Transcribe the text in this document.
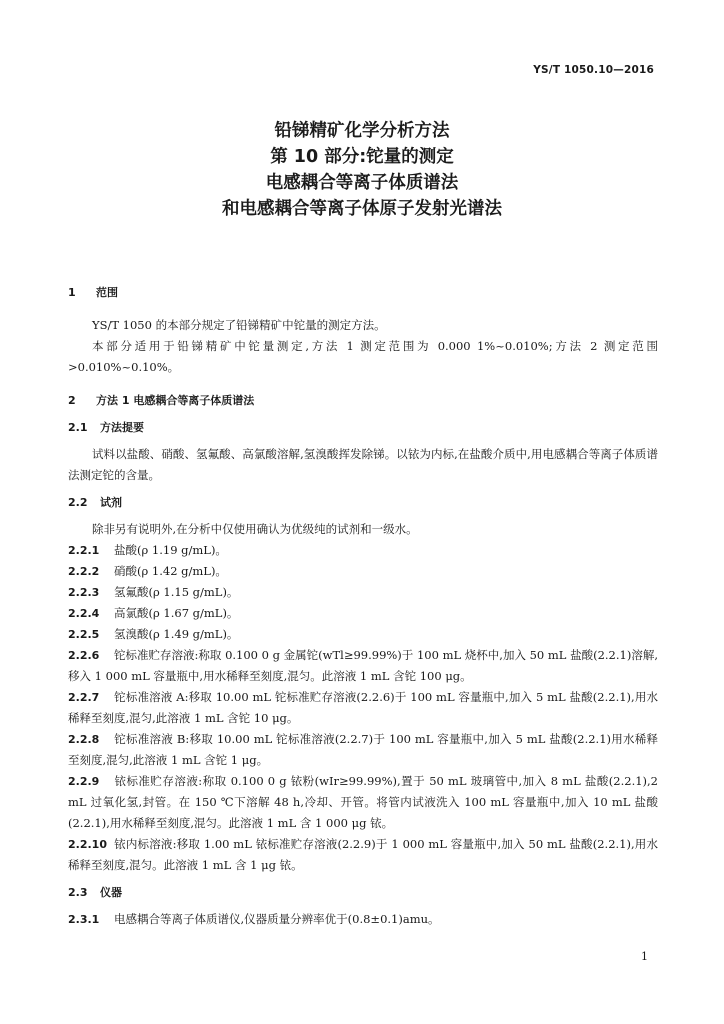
YS/T 1050.10—2016
铅锑精矿化学分析方法
第 10 部分:铊量的测定
电感耦合等离子体质谱法
和电感耦合等离子体原子发射光谱法
1 范围
YS/T 1050 的本部分规定了铅锑精矿中铊量的测定方法。
本部分适用于铅锑精矿中铊量测定,方法 1 测定范围为 0.000 1%~0.010%;方法 2 测定范围>0.010%~0.10%。
2 方法 1 电感耦合等离子体质谱法
2.1 方法提要
试料以盐酸、硝酸、氢氟酸、高氯酸溶解,氢溴酸挥发除锑。以铱为内标,在盐酸介质中,用电感耦合等离子体质谱法测定铊的含量。
2.2 试剂
除非另有说明外,在分析中仅使用确认为优级纯的试剂和一级水。
2.2.1 盐酸(ρ 1.19 g/mL)。
2.2.2 硝酸(ρ 1.42 g/mL)。
2.2.3 氢氟酸(ρ 1.15 g/mL)。
2.2.4 高氯酸(ρ 1.67 g/mL)。
2.2.5 氢溴酸(ρ 1.49 g/mL)。
2.2.6 铊标准贮存溶液:称取 0.100 0 g 金属铊(wTl≥99.99%)于 100 mL 烧杯中,加入 50 mL 盐酸(2.2.1)溶解,移入 1 000 mL 容量瓶中,用水稀释至刻度,混匀。此溶液 1 mL 含铊 100 μg。
2.2.7 铊标准溶液 A:移取 10.00 mL 铊标准贮存溶液(2.2.6)于 100 mL 容量瓶中,加入 5 mL 盐酸(2.2.1),用水稀释至刻度,混匀,此溶液 1 mL 含铊 10 μg。
2.2.8 铊标准溶液 B:移取 10.00 mL 铊标准溶液(2.2.7)于 100 mL 容量瓶中,加入 5 mL 盐酸(2.2.1)用水稀释至刻度,混匀,此溶液 1 mL 含铊 1 μg。
2.2.9 铱标准贮存溶液:称取 0.100 0 g 铱粉(wIr≥99.99%),置于 50 mL 玻璃管中,加入 8 mL 盐酸(2.2.1),2 mL 过氧化氢,封管。在 150 ℃下溶解 48 h,冷却、开管。将管内试液洗入 100 mL 容量瓶中,加入 10 mL 盐酸(2.2.1),用水稀释至刻度,混匀。此溶液 1 mL 含 1 000 μg 铱。
2.2.10 铱内标溶液:移取 1.00 mL 铱标准贮存溶液(2.2.9)于 1 000 mL 容量瓶中,加入 50 mL 盐酸(2.2.1),用水稀释至刻度,混匀。此溶液 1 mL 含 1 μg 铱。
2.3 仪器
2.3.1 电感耦合等离子体质谱仪,仪器质量分辨率优于(0.8±0.1)amu。
1
